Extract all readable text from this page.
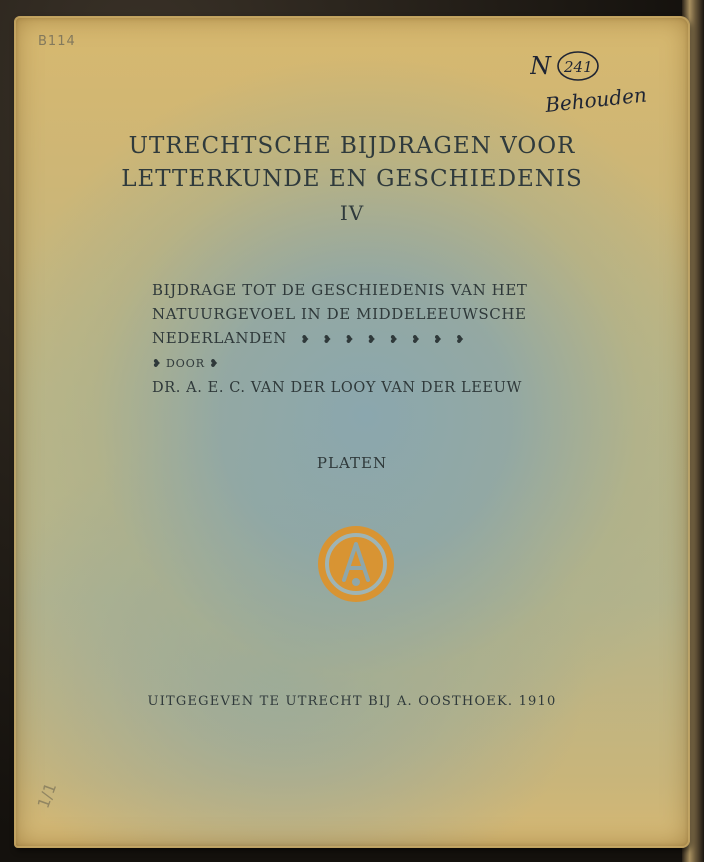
B114
N 241
Behouden
UTRECHTSCHE BIJDRAGEN VOOR
LETTERKUNDE EN GESCHIEDENIS
IV
BIJDRAGE TOT DE GESCHIEDENIS VAN HET
NATUURGEVOEL IN DE MIDDELEEUWSCHE
NEDERLANDEN   ❥   ❥   ❥   ❥   ❥   ❥   ❥   ❥
❥ DOOR ❥
DR. A. E. C. VAN DER LOOY VAN DER LEEUW
PLATEN
UITGEGEVEN TE UTRECHT BIJ A. OOSTHOEK. 1910
1/1
